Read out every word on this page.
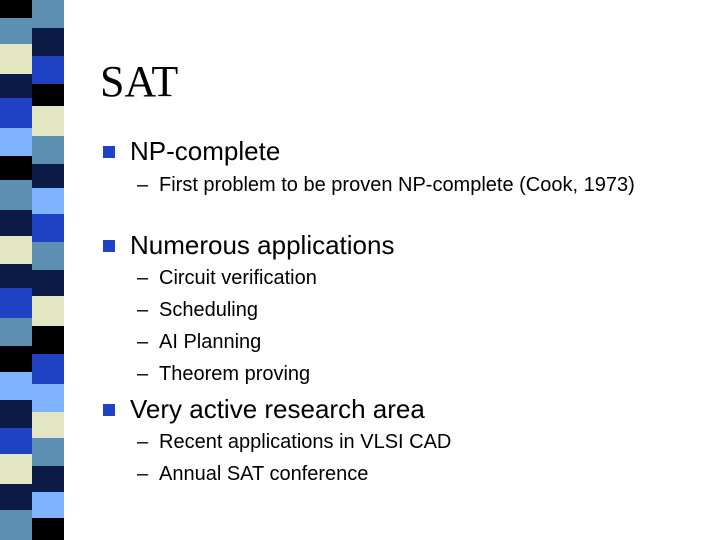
SAT
NP-complete
– First problem to be proven NP-complete (Cook, 1973)
Numerous applications
– Circuit verification
– Scheduling
– AI Planning
– Theorem proving
Very active research area
– Recent applications in VLSI CAD
– Annual SAT conference
